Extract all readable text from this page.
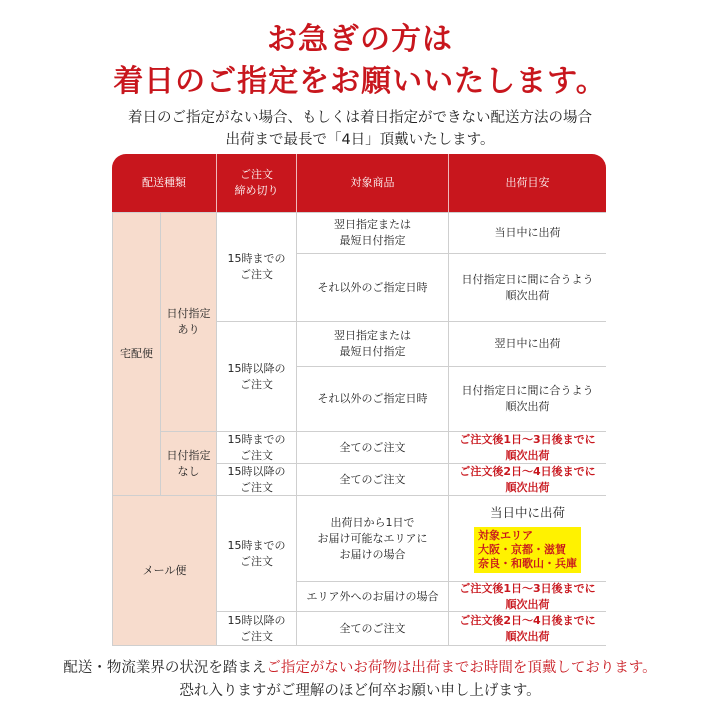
お急ぎの方は
着日のご指定をお願いいたします。
着日のご指定がない場合、もしくは着日指定ができない配送方法の場合
出荷まで最長で「4日」頂戴いたします。
配送種類
ご注文
締め切り
対象商品	出荷目安
宅配便
日付指定
あり
日付指定
なし
15時までの
ご注文
翌日指定または
最短日付指定
当日中に出荷
それ以外のご指定日時
日付指定日に間に合うよう
順次出荷
15時以降の
ご注文
翌日指定または
最短日付指定
翌日中に出荷
それ以外のご指定日時
日付指定日に間に合うよう
順次出荷
15時までの
ご注文
全てのご注文
ご注文後1日〜3日後までに
順次出荷
15時以降の
ご注文
全てのご注文
ご注文後2日〜4日後までに
順次出荷
メール便
15時までの
ご注文
出荷日から1日で
お届け可能なエリアに
お届けの場合
当日中に出荷
対象エリア
大阪・京都・滋賀
奈良・和歌山・兵庫
エリア外へのお届けの場合
ご注文後1日〜3日後までに
順次出荷
15時以降の
ご注文
全てのご注文
ご注文後2日〜4日後までに
順次出荷
配送・物流業界の状況を踏まえご指定がないお荷物は出荷までお時間を頂戴しております。
恐れ入りますがご理解のほど何卒お願い申し上げます。
